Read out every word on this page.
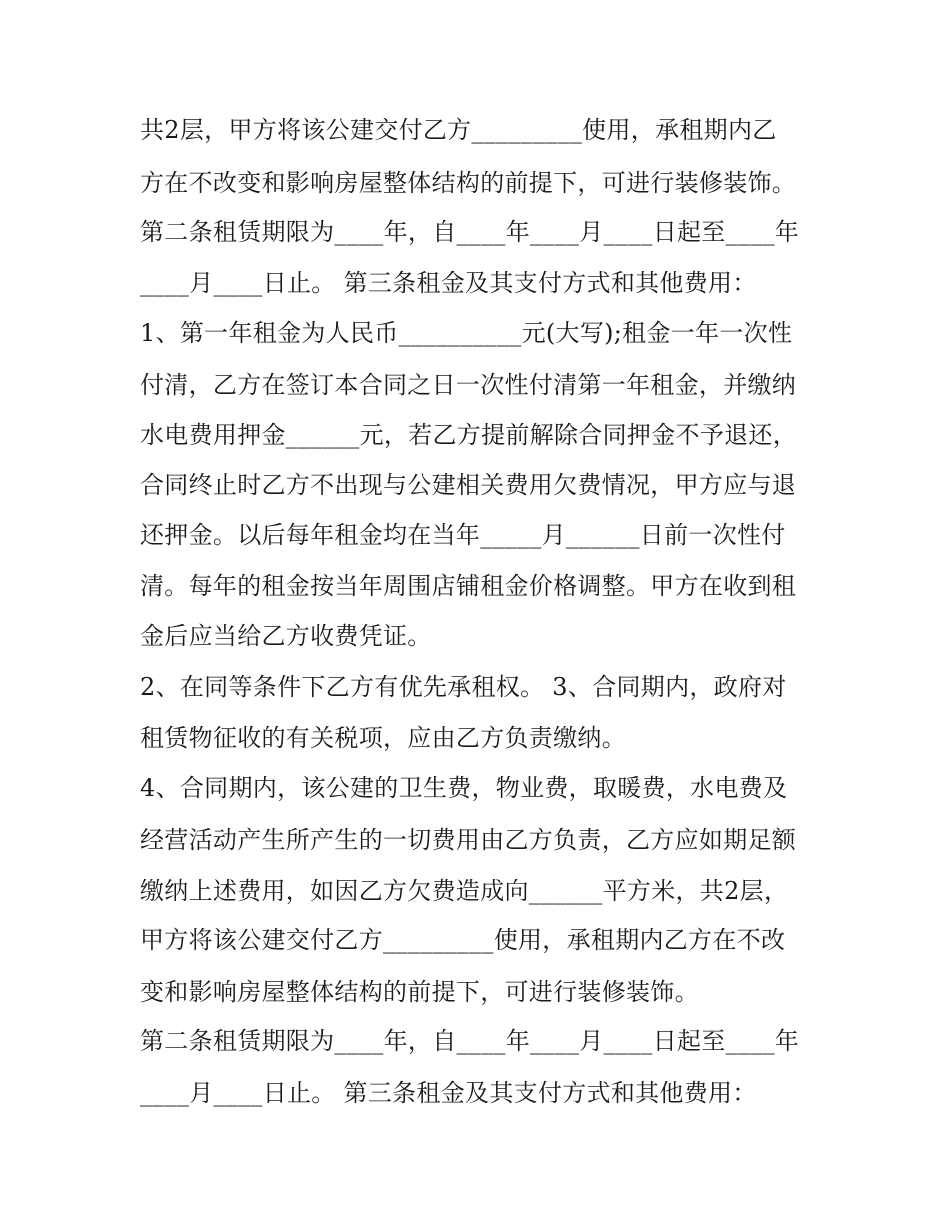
共2层，甲方将该公建交付乙方_________使用，承租期内乙
方在不改变和影响房屋整体结构的前提下，可进行装修装饰。
第二条租赁期限为____年，自____年____月____日起至____年
____月____日止。 第三条租金及其支付方式和其他费用：
1、第一年租金为人民币__________元(大写);租金一年一次性
付清，乙方在签订本合同之日一次性付清第一年租金，并缴纳
水电费用押金______元，若乙方提前解除合同押金不予退还，
合同终止时乙方不出现与公建相关费用欠费情况，甲方应与退
还押金。以后每年租金均在当年_____月______日前一次性付
清。每年的租金按当年周围店铺租金价格调整。甲方在收到租
金后应当给乙方收费凭证。
2、在同等条件下乙方有优先承租权。 3、合同期内，政府对
租赁物征收的有关税项，应由乙方负责缴纳。
4、合同期内，该公建的卫生费，物业费，取暖费，水电费及
经营活动产生所产生的一切费用由乙方负责，乙方应如期足额
缴纳上述费用，如因乙方欠费造成向______平方米，共2层，
甲方将该公建交付乙方_________使用，承租期内乙方在不改
变和影响房屋整体结构的前提下，可进行装修装饰。
第二条租赁期限为____年，自____年____月____日起至____年
____月____日止。 第三条租金及其支付方式和其他费用：
